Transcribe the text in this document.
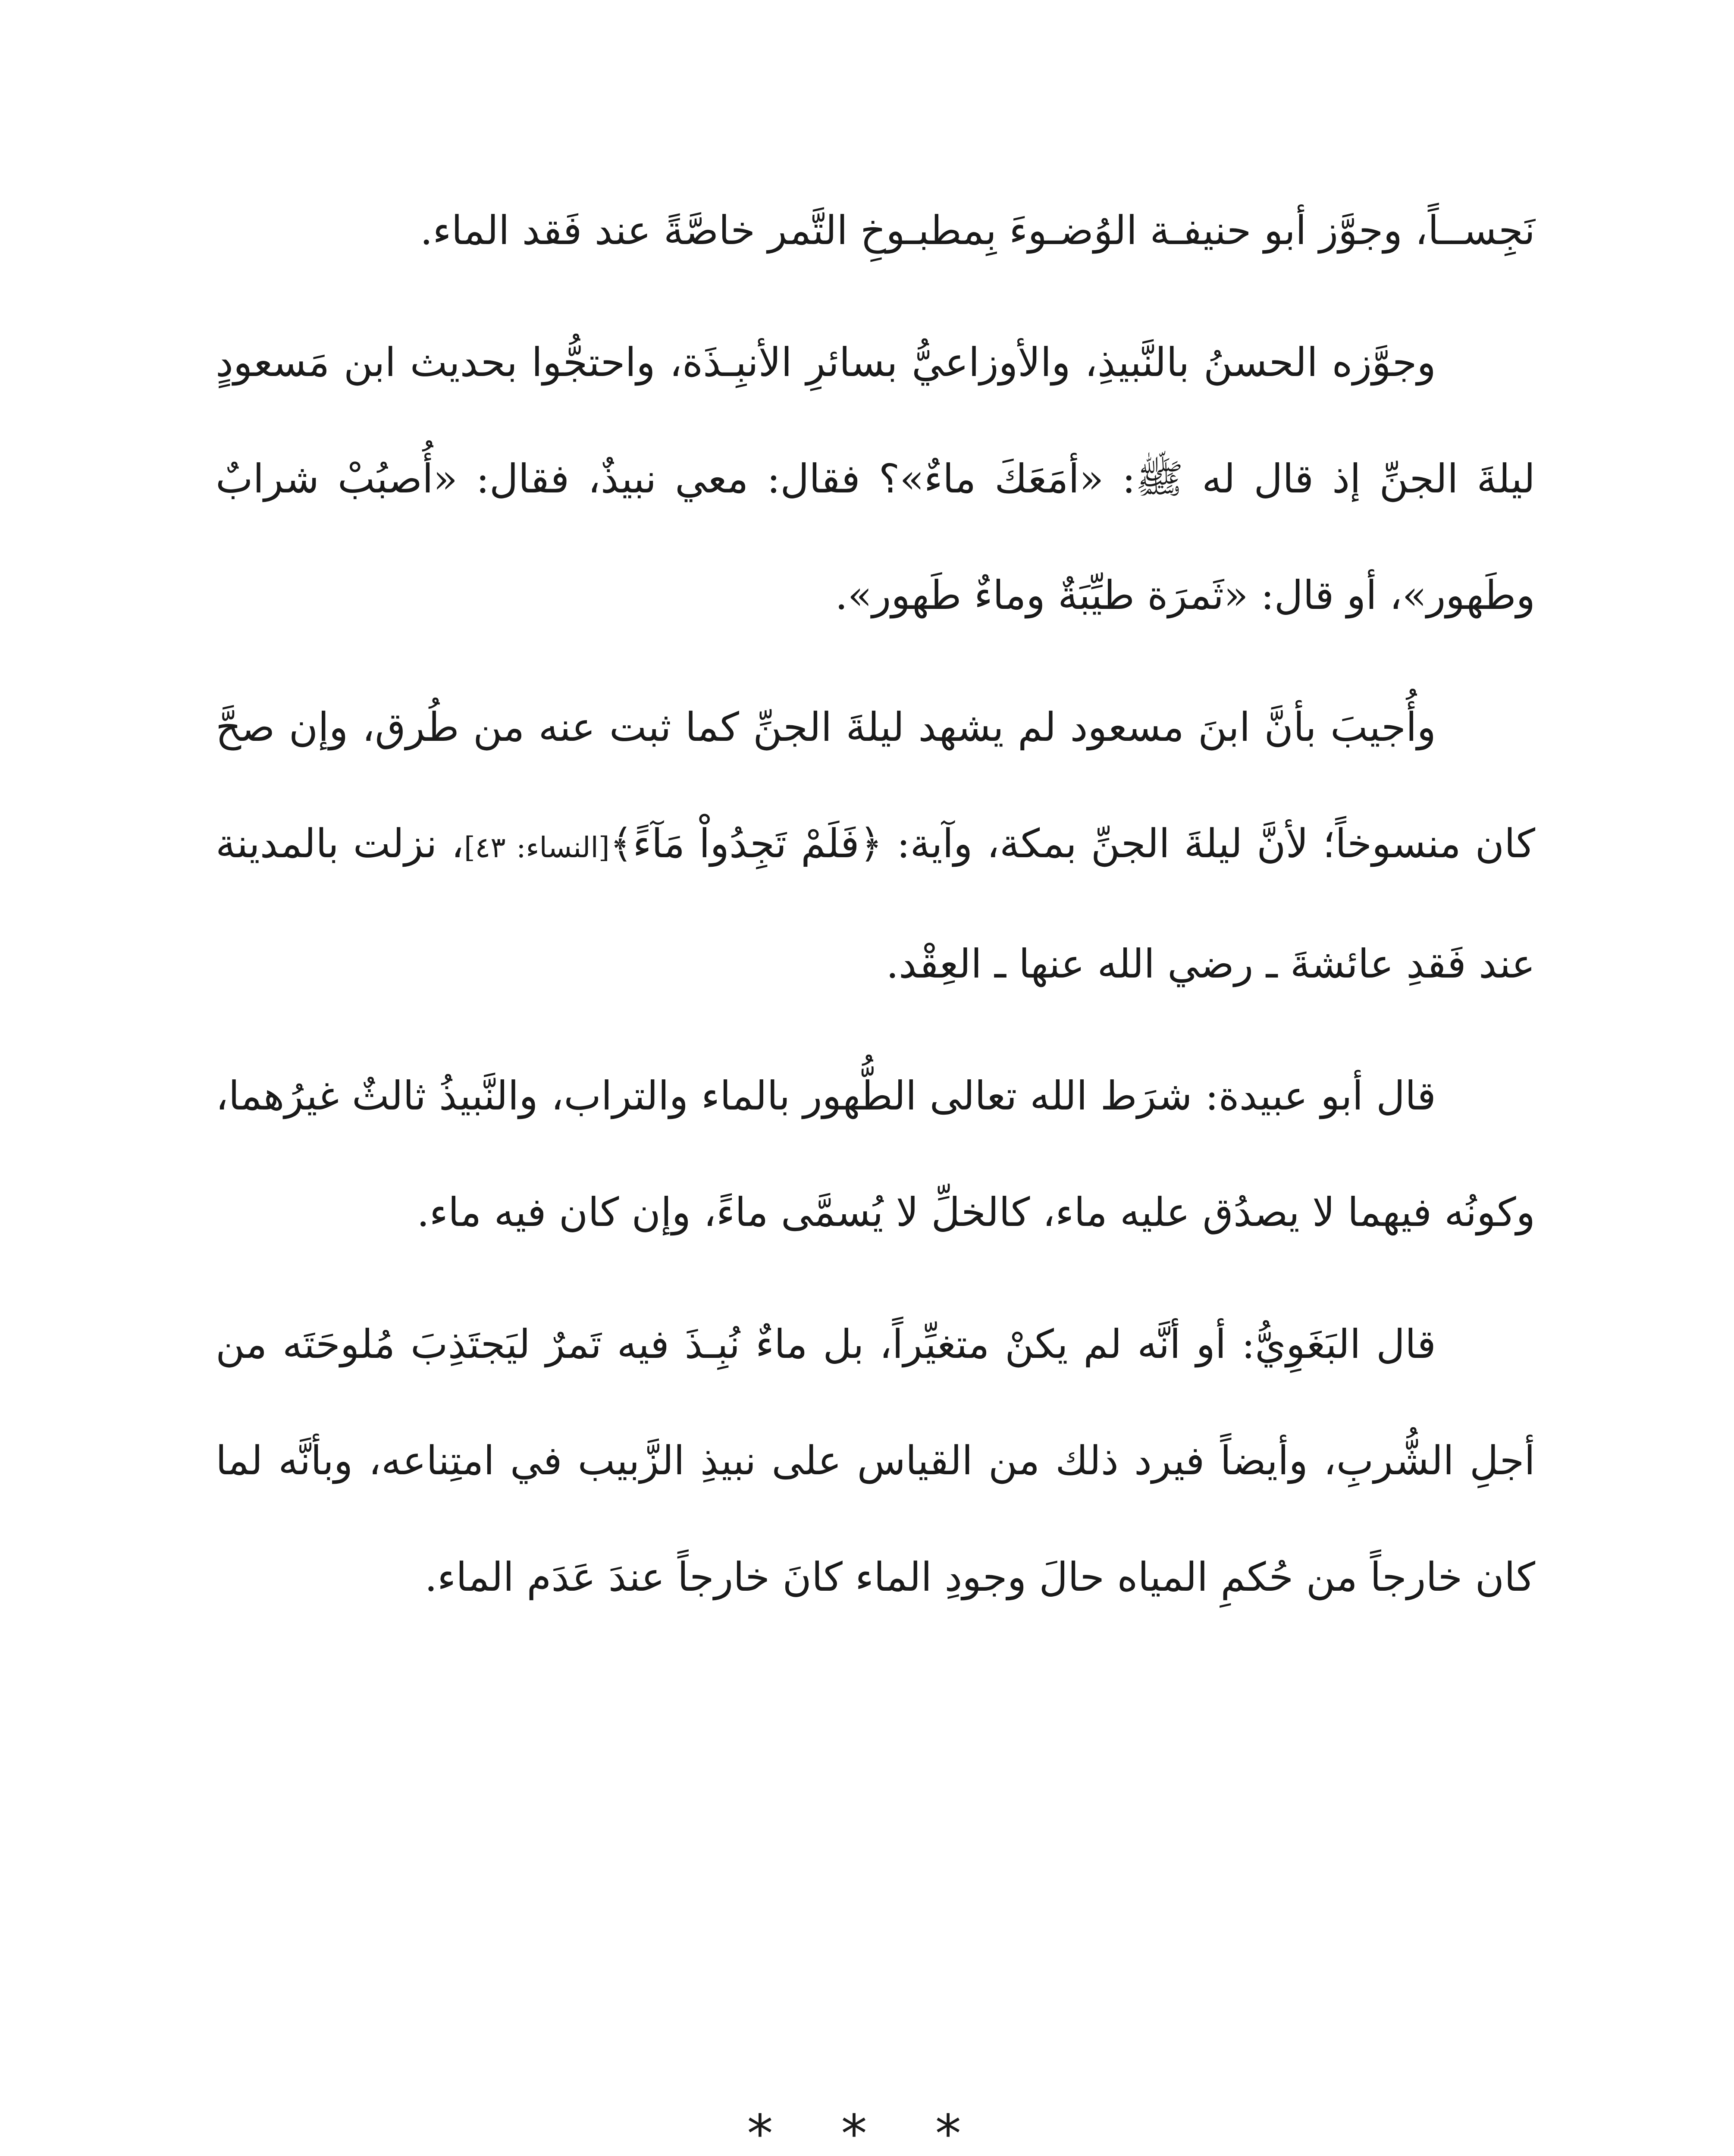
نَجِســاً، وجوَّز أبو حنيفـة الوُضـوءَ بِمطبـوخِ التَّمر خاصَّةً عند فَقد الماء.

وجوَّزه الحسنُ بالنَّبيذِ، والأوزاعيُّ بسائرِ الأنبِـذَة، واحتجُّوا بحديث ابن مَسعودٍ ليلةَ الجنِّ إذ قال له ﷺ: «أمَعَكَ ماءٌ»؟ فقال: معي نبيذٌ، فقال: «أُصبُبْ شرابٌ وطَهور»، أو قال: «ثَمرَة طيِّبَةٌ وماءٌ طَهور».

وأُجيبَ بأنَّ ابنَ مسعود لم يشهد ليلةَ الجنِّ كما ثبت عنه من طُرق، وإن صحَّ كان منسوخاً؛ لأنَّ ليلةَ الجنِّ بمكة، وآية: ﴿فَلَمْ تَجِدُواْ مَآءً﴾[النساء: ٤٣]، نزلت بالمدينة عند فَقدِ عائشةَ ـ رضي الله عنها ـ العِقْد.

قال أبو عبيدة: شرَط الله تعالى الطُّهور بالماء والتراب، والنَّبيذُ ثالثٌ غيرُهما، وكونُه فيهما لا يصدُق عليه ماء، كالخلِّ لا يُسمَّى ماءً، وإن كان فيه ماء.

قال البَغَوِيُّ: أو أنَّه لم يكنْ متغيِّراً، بل ماءٌ نُبِـذَ فيه تَمرٌ ليَجتَذِبَ مُلوحَتَه من أجلِ الشُّربِ، وأيضاً فيرد ذلك من القياس على نبيذِ الزَّبيب في امتِناعه، وبأنَّه لما كان خارجاً من حُكمِ المياه حالَ وجودِ الماء كانَ خارجاً عندَ عَدَم الماء.

* * *
